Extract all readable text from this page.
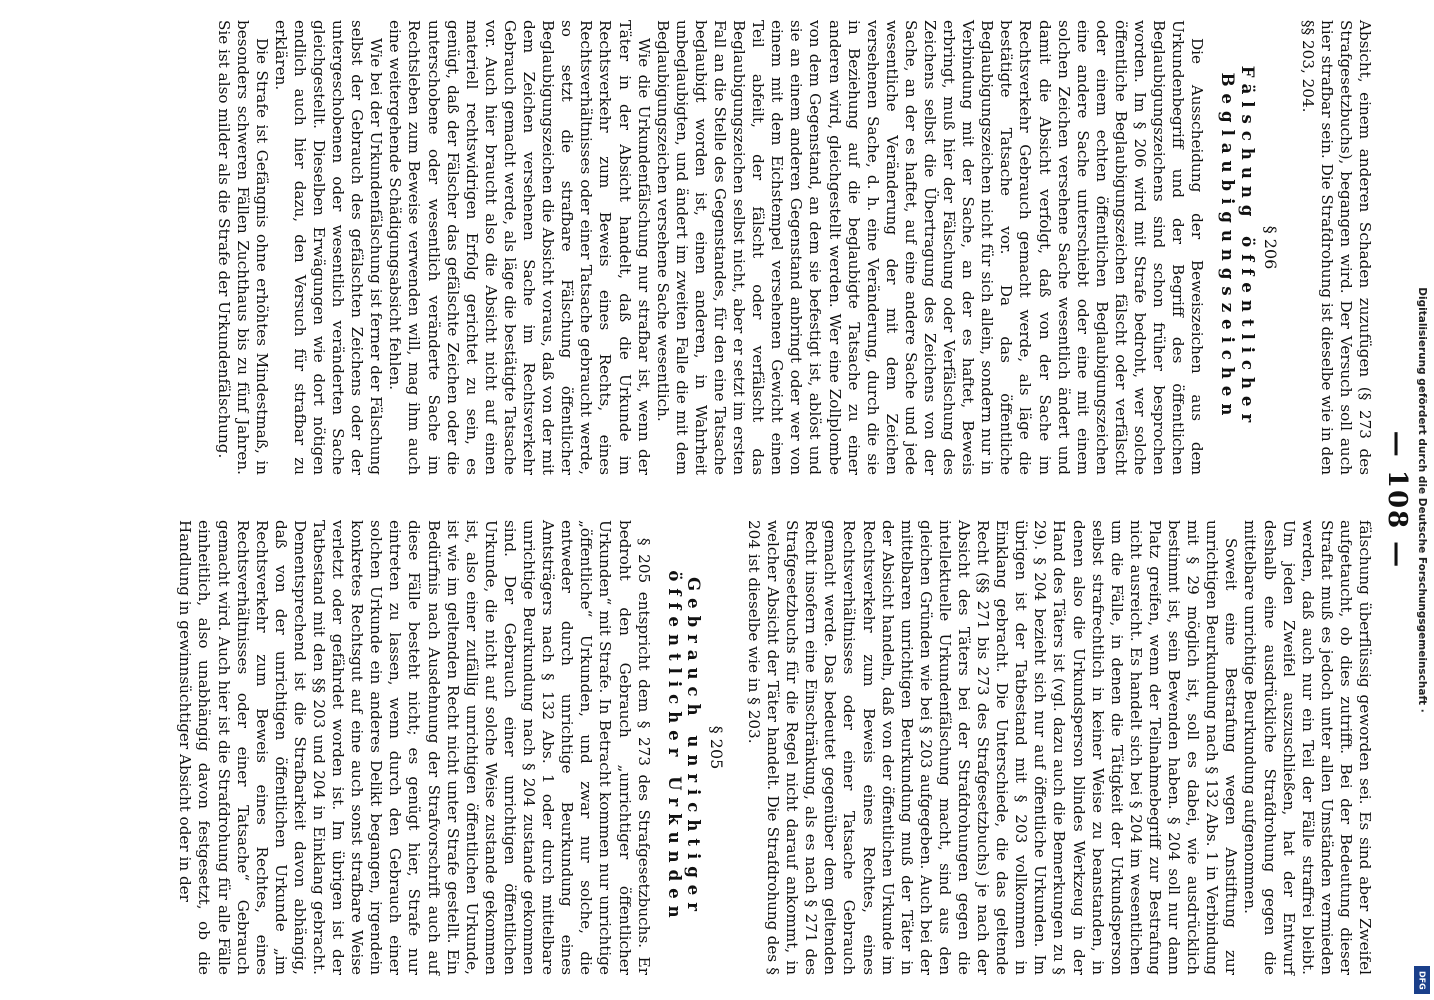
— 108 —

Absicht, einem anderen Schaden zuzufügen (§ 273 des Strafgesetzbuchs), begangen wird. Der Versuch soll auch hier strafbar sein. Die Strafdrohung ist dieselbe wie in den §§ 203, 204.

§ 206
Fälschung öffentlicher Beglaubigungszeichen

Die Ausscheidung der Beweiszeichen aus dem Urkundenbegriff und der Begriff des öffentlichen Beglaubigungszeichens sind schon früher besprochen worden. Im § 206 wird mit Strafe bedroht, wer solche öffentliche Beglaubigungszeichen fälscht oder verfälscht oder einem echten öffentlichen Beglaubigungszeichen eine andere Sache unterschiebt oder eine mit einem solchen Zeichen versehene Sache wesentlich ändert und damit die Absicht verfolgt, daß von der Sache im Rechtsverkehr Gebrauch gemacht werde, als läge die bestätigte Tatsache vor. Da das öffentliche Beglaubigungszeichen nicht für sich allein, sondern nur in Verbindung mit der Sache, an der es haftet, Beweis erbringt, muß hier der Fälschung oder Verfälschung des Zeichens selbst die Übertragung des Zeichens von der Sache, an der es haftet, auf eine andere Sache und jede wesentliche Veränderung der mit dem Zeichen versehenen Sache, d. h. eine Veränderung, durch die sie in Beziehung auf die beglaubigte Tatsache zu einer anderen wird, gleichgestellt werden. Wer eine Zollplombe von dem Gegenstand, an dem sie befestigt ist, ablöst und sie an einem anderen Gegenstand anbringt oder wer von einem mit dem Eichstempel versehenen Gewicht einen Teil abfeilt, der fälscht oder verfälscht das Beglaubigungszeichen selbst nicht, aber er setzt im ersten Fall an die Stelle des Gegenstandes, für den eine Tatsache beglaubigt worden ist, einen anderen, in Wahrheit unbeglaubigten, und ändert im zweiten Falle die mit dem Beglaubigungszeichen versehene Sache wesentlich.

Wie die Urkundenfälschung nur strafbar ist, wenn der Täter in der Absicht handelt, daß die Urkunde im Rechtsverkehr zum Beweis eines Rechts, eines Rechtsverhältnisses oder einer Tatsache gebraucht werde, so setzt die strafbare Fälschung öffentlicher Beglaubigungszeichen die Absicht voraus, daß von der mit dem Zeichen versehenen Sache im Rechtsverkehr Gebrauch gemacht werde, als läge die bestätigte Tatsache vor. Auch hier braucht also die Absicht nicht auf einen materiell rechtswidrigen Erfolg gerichtet zu sein, es genügt, daß der Fälscher das gefälschte Zeichen oder die unterschobene oder wesentlich veränderte Sache im Rechtsleben zum Beweise verwenden will, mag ihm auch eine weitergehende Schädigungsabsicht fehlen.

Wie bei der Urkundenfälschung ist ferner der Fälschung selbst der Gebrauch des gefälschten Zeichens oder der untergeschobenen oder wesentlich veränderten Sache gleichgestellt. Dieselben Erwägungen wie dort nötigen endlich auch hier dazu, den Versuch für strafbar zu erklären.

Die Strafe ist Gefängnis ohne erhöhtes Mindestmaß, in besonders schweren Fällen Zuchthaus bis zu fünf Jahren. Sie ist also milder als die Strafe der Urkundenfälschung.

fälschung überflüssig geworden sei. Es sind aber Zweifel aufgetaucht, ob dies zutrifft. Bei der Bedeutung dieser Straftat muß es jedoch unter allen Umständen vermieden werden, daß auch nur ein Teil der Fälle straffrei bleibt. Um jeden Zweifel auszuschließen, hat der Entwurf deshalb eine ausdrückliche Strafdrohung gegen die mittelbare unrichtige Beurkundung aufgenommen.

Soweit eine Bestrafung wegen Anstiftung zur unrichtigen Beurkundung nach § 132 Abs. 1 in Verbindung mit § 29 möglich ist, soll es dabei, wie ausdrücklich bestimmt ist, sein Bewenden haben. § 204 soll nur dann Platz greifen, wenn der Teilnahmebegriff zur Bestrafung nicht ausreicht. Es handelt sich bei § 204 im wesentlichen um die Fälle, in denen die Tätigkeit der Urkundsperson selbst strafrechtlich in keiner Weise zu beanstanden, in denen also die Urkundsperson blindes Werkzeug in der Hand des Täters ist (vgl. dazu auch die Bemerkungen zu § 29). § 204 bezieht sich nur auf öffentliche Urkunden. Im übrigen ist der Tatbestand mit § 203 vollkommen in Einklang gebracht. Die Unterschiede, die das geltende Recht (§§ 271 bis 273 des Strafgesetzbuchs) je nach der Absicht des Täters bei der Strafdrohungen gegen die intellektuelle Urkundenfälschung macht, sind aus den gleichen Gründen wie bei § 203 aufgegeben. Auch bei der mittelbaren unrichtigen Beurkundung muß der Täter in der Absicht handeln, daß von der öffentlichen Urkunde im Rechtsverkehr zum Beweis eines Rechtes, eines Rechtsverhältnisses oder einer Tatsache Gebrauch gemacht werde. Das bedeutet gegenüber dem geltenden Recht insofern eine Einschränkung, als es nach § 271 des Strafgesetzbuchs für die Regel nicht darauf ankommt, in welcher Absicht der Täter handelt. Die Strafdrohung des § 204 ist dieselbe wie in § 203.

§ 205
Gebrauch unrichtiger öffentlicher Urkunden

§ 205 entspricht dem § 273 des Strafgesetzbuchs. Er bedroht den Gebrauch „unrichtiger öffentlicher Urkunden“ mit Strafe. In Betracht kommen nur unrichtige „öffentliche“ Urkunden, und zwar nur solche, die entweder durch unrichtige Beurkundung eines Amtsträgers nach § 132 Abs. 1 oder durch mittelbare unrichtige Beurkundung nach § 204 zustande gekommen sind. Der Gebrauch einer unrichtigen öffentlichen Urkunde, die nicht auf solche Weise zustande gekommen ist, also einer zufällig unrichtigen öffentlichen Urkunde, ist wie im geltenden Recht nicht unter Strafe gestellt. Ein Bedürfnis nach Ausdehnung der Strafvorschrift auch auf diese Fälle besteht nicht; es genügt hier, Strafe nur eintreten zu lassen, wenn durch den Gebrauch einer solchen Urkunde ein anderes Delikt begangen, irgendein konkretes Rechtsgut auf eine auch sonst strafbare Weise verletzt oder gefährdet worden ist. Im übrigen ist der Tatbestand mit den §§ 203 und 204 in Einklang gebracht. Dementsprechend ist die Strafbarkeit davon abhängig, daß von der unrichtigen öffentlichen Urkunde „im Rechtsverkehr zum Beweis eines Rechtes, eines Rechtsverhältnisses oder einer Tatsache“ Gebrauch gemacht wird. Auch hier ist die Strafdrohung für alle Fälle einheitlich, also unabhängig davon festgesetzt, ob die Handlung in gewinnsüchtiger Absicht oder in der	Digitalisierung gefördert durch die Deutsche Forschungsgemeinschaft ·
DFG
